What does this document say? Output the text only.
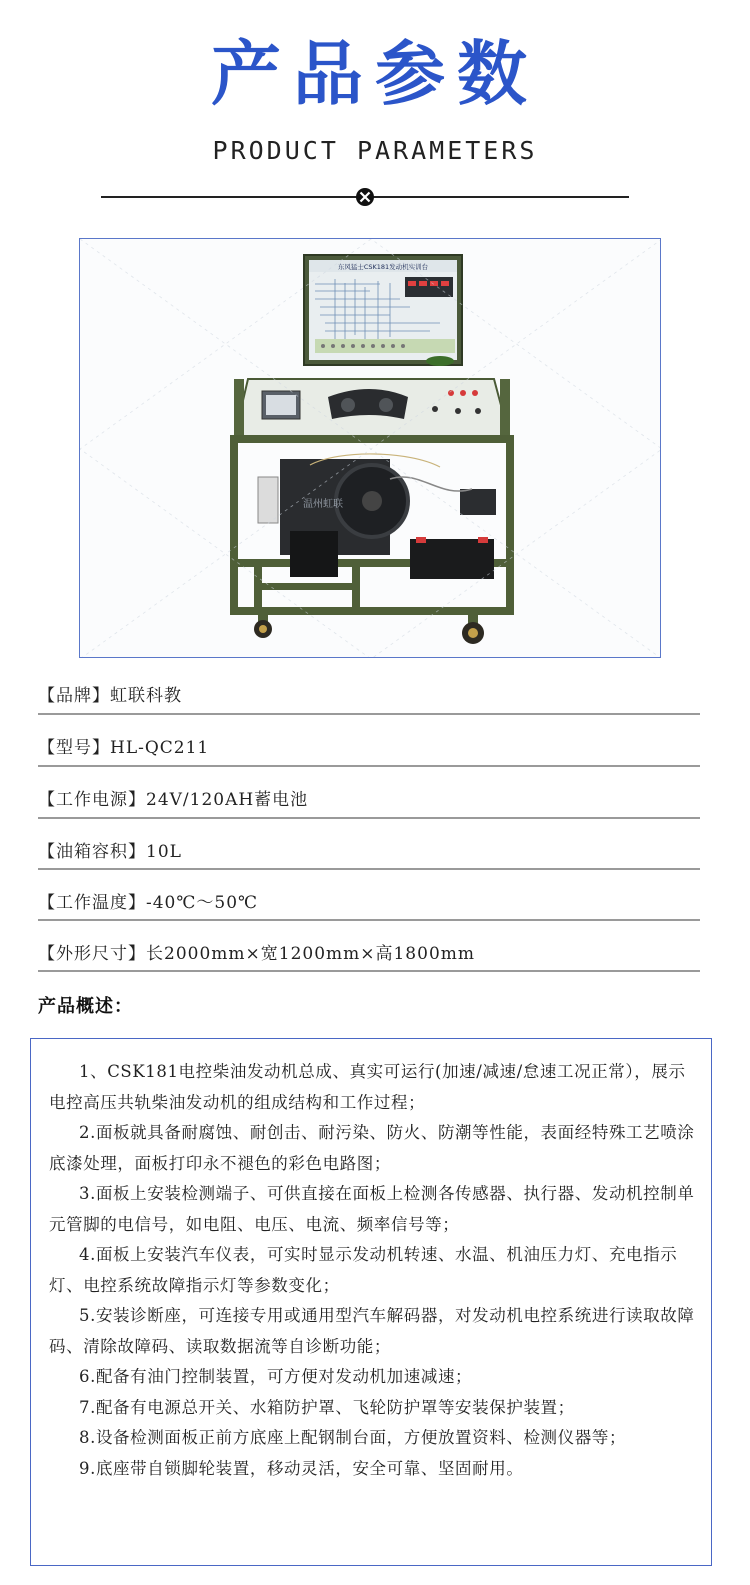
产品参数
PRODUCT PARAMETERS
东风猛士CSK181发动机实训台
温州虹联
【品牌】虹联科教
【型号】HL-QC211
【工作电源】24V/120AH蓄电池
【油箱容积】10L
【工作温度】-40℃～50℃
【外形尺寸】长2000mm×宽1200mm×高1800mm
产品概述：

1、CSK181电控柴油发动机总成、真实可运行(加速/减速/怠速工况正常），展示电控高压共轨柴油发动机的组成结构和工作过程；

2.面板就具备耐腐蚀、耐创击、耐污染、防火、防潮等性能，表面经特殊工艺喷涂底漆处理，面板打印永不褪色的彩色电路图；

3.面板上安装检测端子、可供直接在面板上检测各传感器、执行器、发动机控制单元管脚的电信号，如电阻、电压、电流、频率信号等；

4.面板上安装汽车仪表，可实时显示发动机转速、水温、机油压力灯、充电指示灯、电控系统故障指示灯等参数变化；

5.安装诊断座，可连接专用或通用型汽车解码器，对发动机电控系统进行读取故障码、清除故障码、读取数据流等自诊断功能；

6.配备有油门控制装置，可方便对发动机加速减速；

7.配备有电源总开关、水箱防护罩、飞轮防护罩等安装保护装置；

8.设备检测面板正前方底座上配钢制台面，方便放置资料、检测仪器等；

9.底座带自锁脚轮装置，移动灵活，安全可靠、坚固耐用。
